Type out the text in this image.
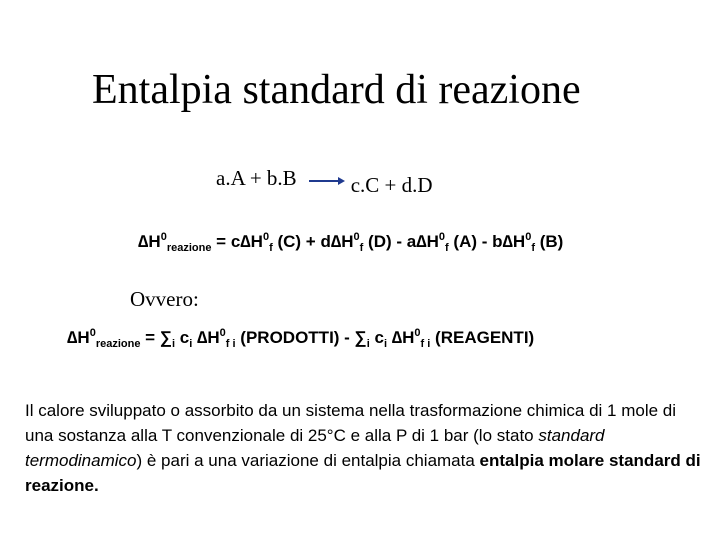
Entalpia standard di reazione
a.A + b.B	c.C + d.D
$\Delta H^0_{reazione} = c\Delta H^0_f$ $(C) + d\Delta H^0_f$ $(D) - a\Delta H^0_f$ $(A) - b\Delta H^0_f$ (B)
Ovvero:
$\Delta H^0_{reazione} = \sum_i$ $c_i$ $\Delta H^0_{f i}$ (PRODOTTI) - $\sum_i$ $c_i$ $\Delta H^0_{f i}$ (REAGENTI)
Il calore sviluppato o assorbito da un sistema nella trasformazione chimica di 1 mole di una sostanza alla T convenzionale di 25°C e alla P di 1 bar (lo stato standard termodinamico) è pari a una variazione di entalpia chiamata entalpia molare standard di reazione.
